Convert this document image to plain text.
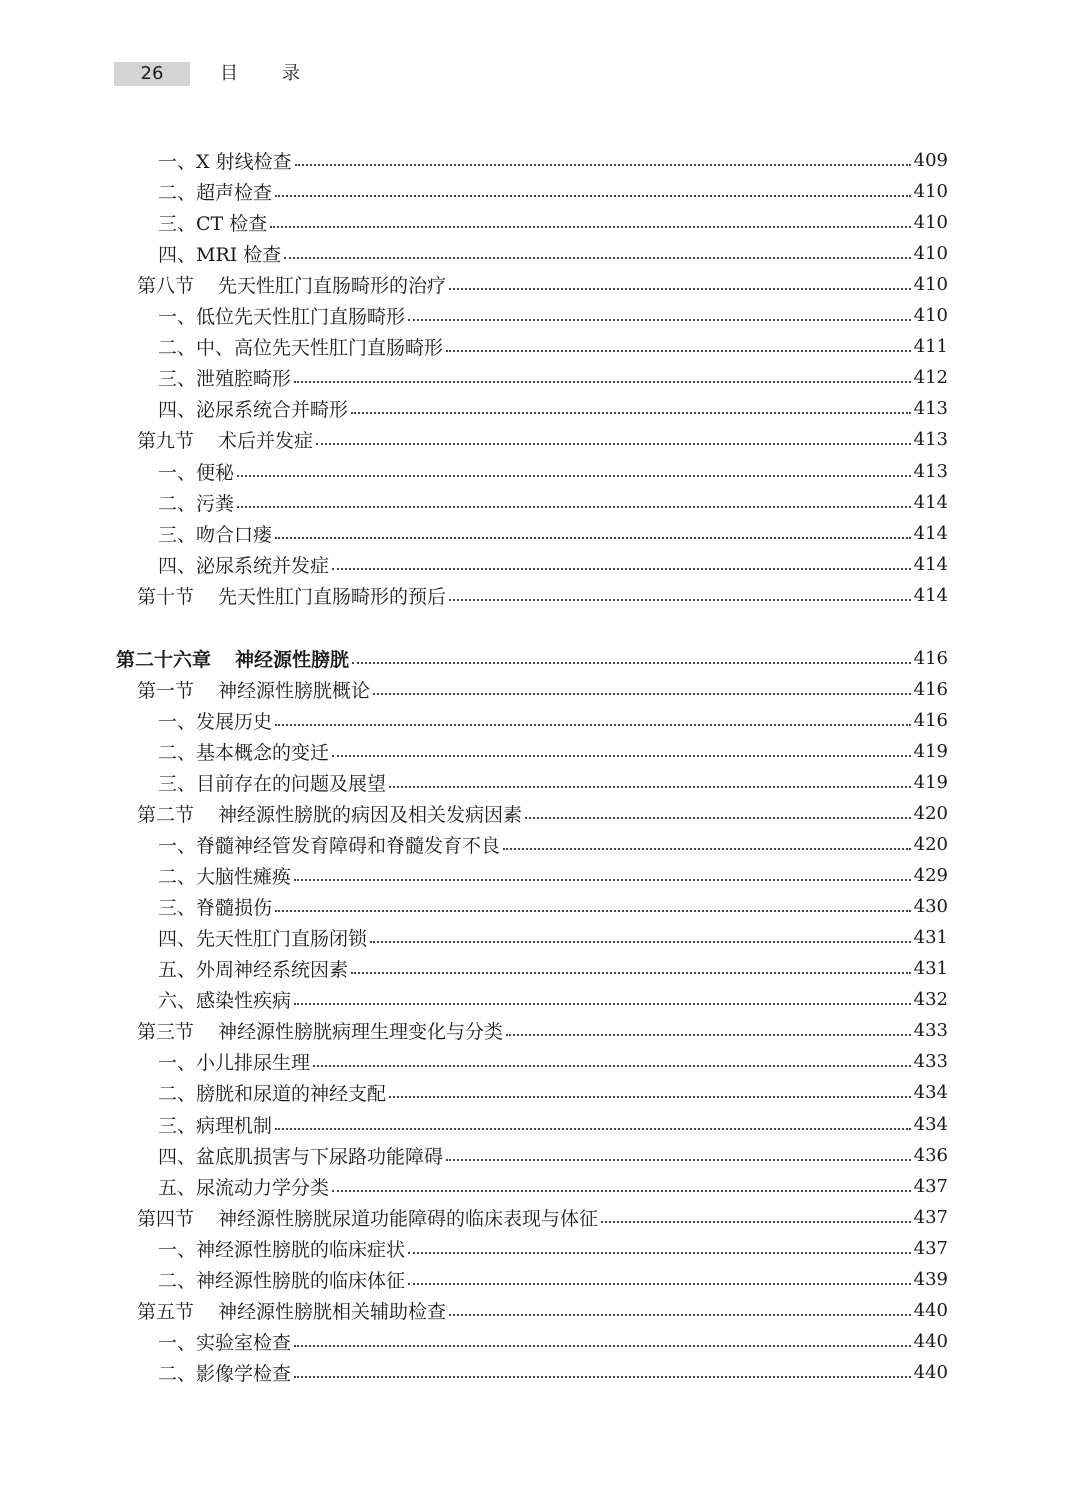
26	目录
一、X 射线检查	409
二、超声检查	410
三、CT 检查	410
四、MRI 检查	410
第八节 先天性肛门直肠畸形的治疗	410
一、低位先天性肛门直肠畸形	410
二、中、高位先天性肛门直肠畸形	411
三、泄殖腔畸形	412
四、泌尿系统合并畸形	413
第九节 术后并发症	413
一、便秘	413
二、污粪	414
三、吻合口瘘	414
四、泌尿系统并发症	414
第十节 先天性肛门直肠畸形的预后	414
第二十六章 神经源性膀胱	416
第一节 神经源性膀胱概论	416
一、发展历史	416
二、基本概念的变迁	419
三、目前存在的问题及展望	419
第二节 神经源性膀胱的病因及相关发病因素	420
一、脊髓神经管发育障碍和脊髓发育不良	420
二、大脑性瘫痪	429
三、脊髓损伤	430
四、先天性肛门直肠闭锁	431
五、外周神经系统因素	431
六、感染性疾病	432
第三节 神经源性膀胱病理生理变化与分类	433
一、小儿排尿生理	433
二、膀胱和尿道的神经支配	434
三、病理机制	434
四、盆底肌损害与下尿路功能障碍	436
五、尿流动力学分类	437
第四节 神经源性膀胱尿道功能障碍的临床表现与体征	437
一、神经源性膀胱的临床症状	437
二、神经源性膀胱的临床体征	439
第五节 神经源性膀胱相关辅助检查	440
一、实验室检查	440
二、影像学检查	440
